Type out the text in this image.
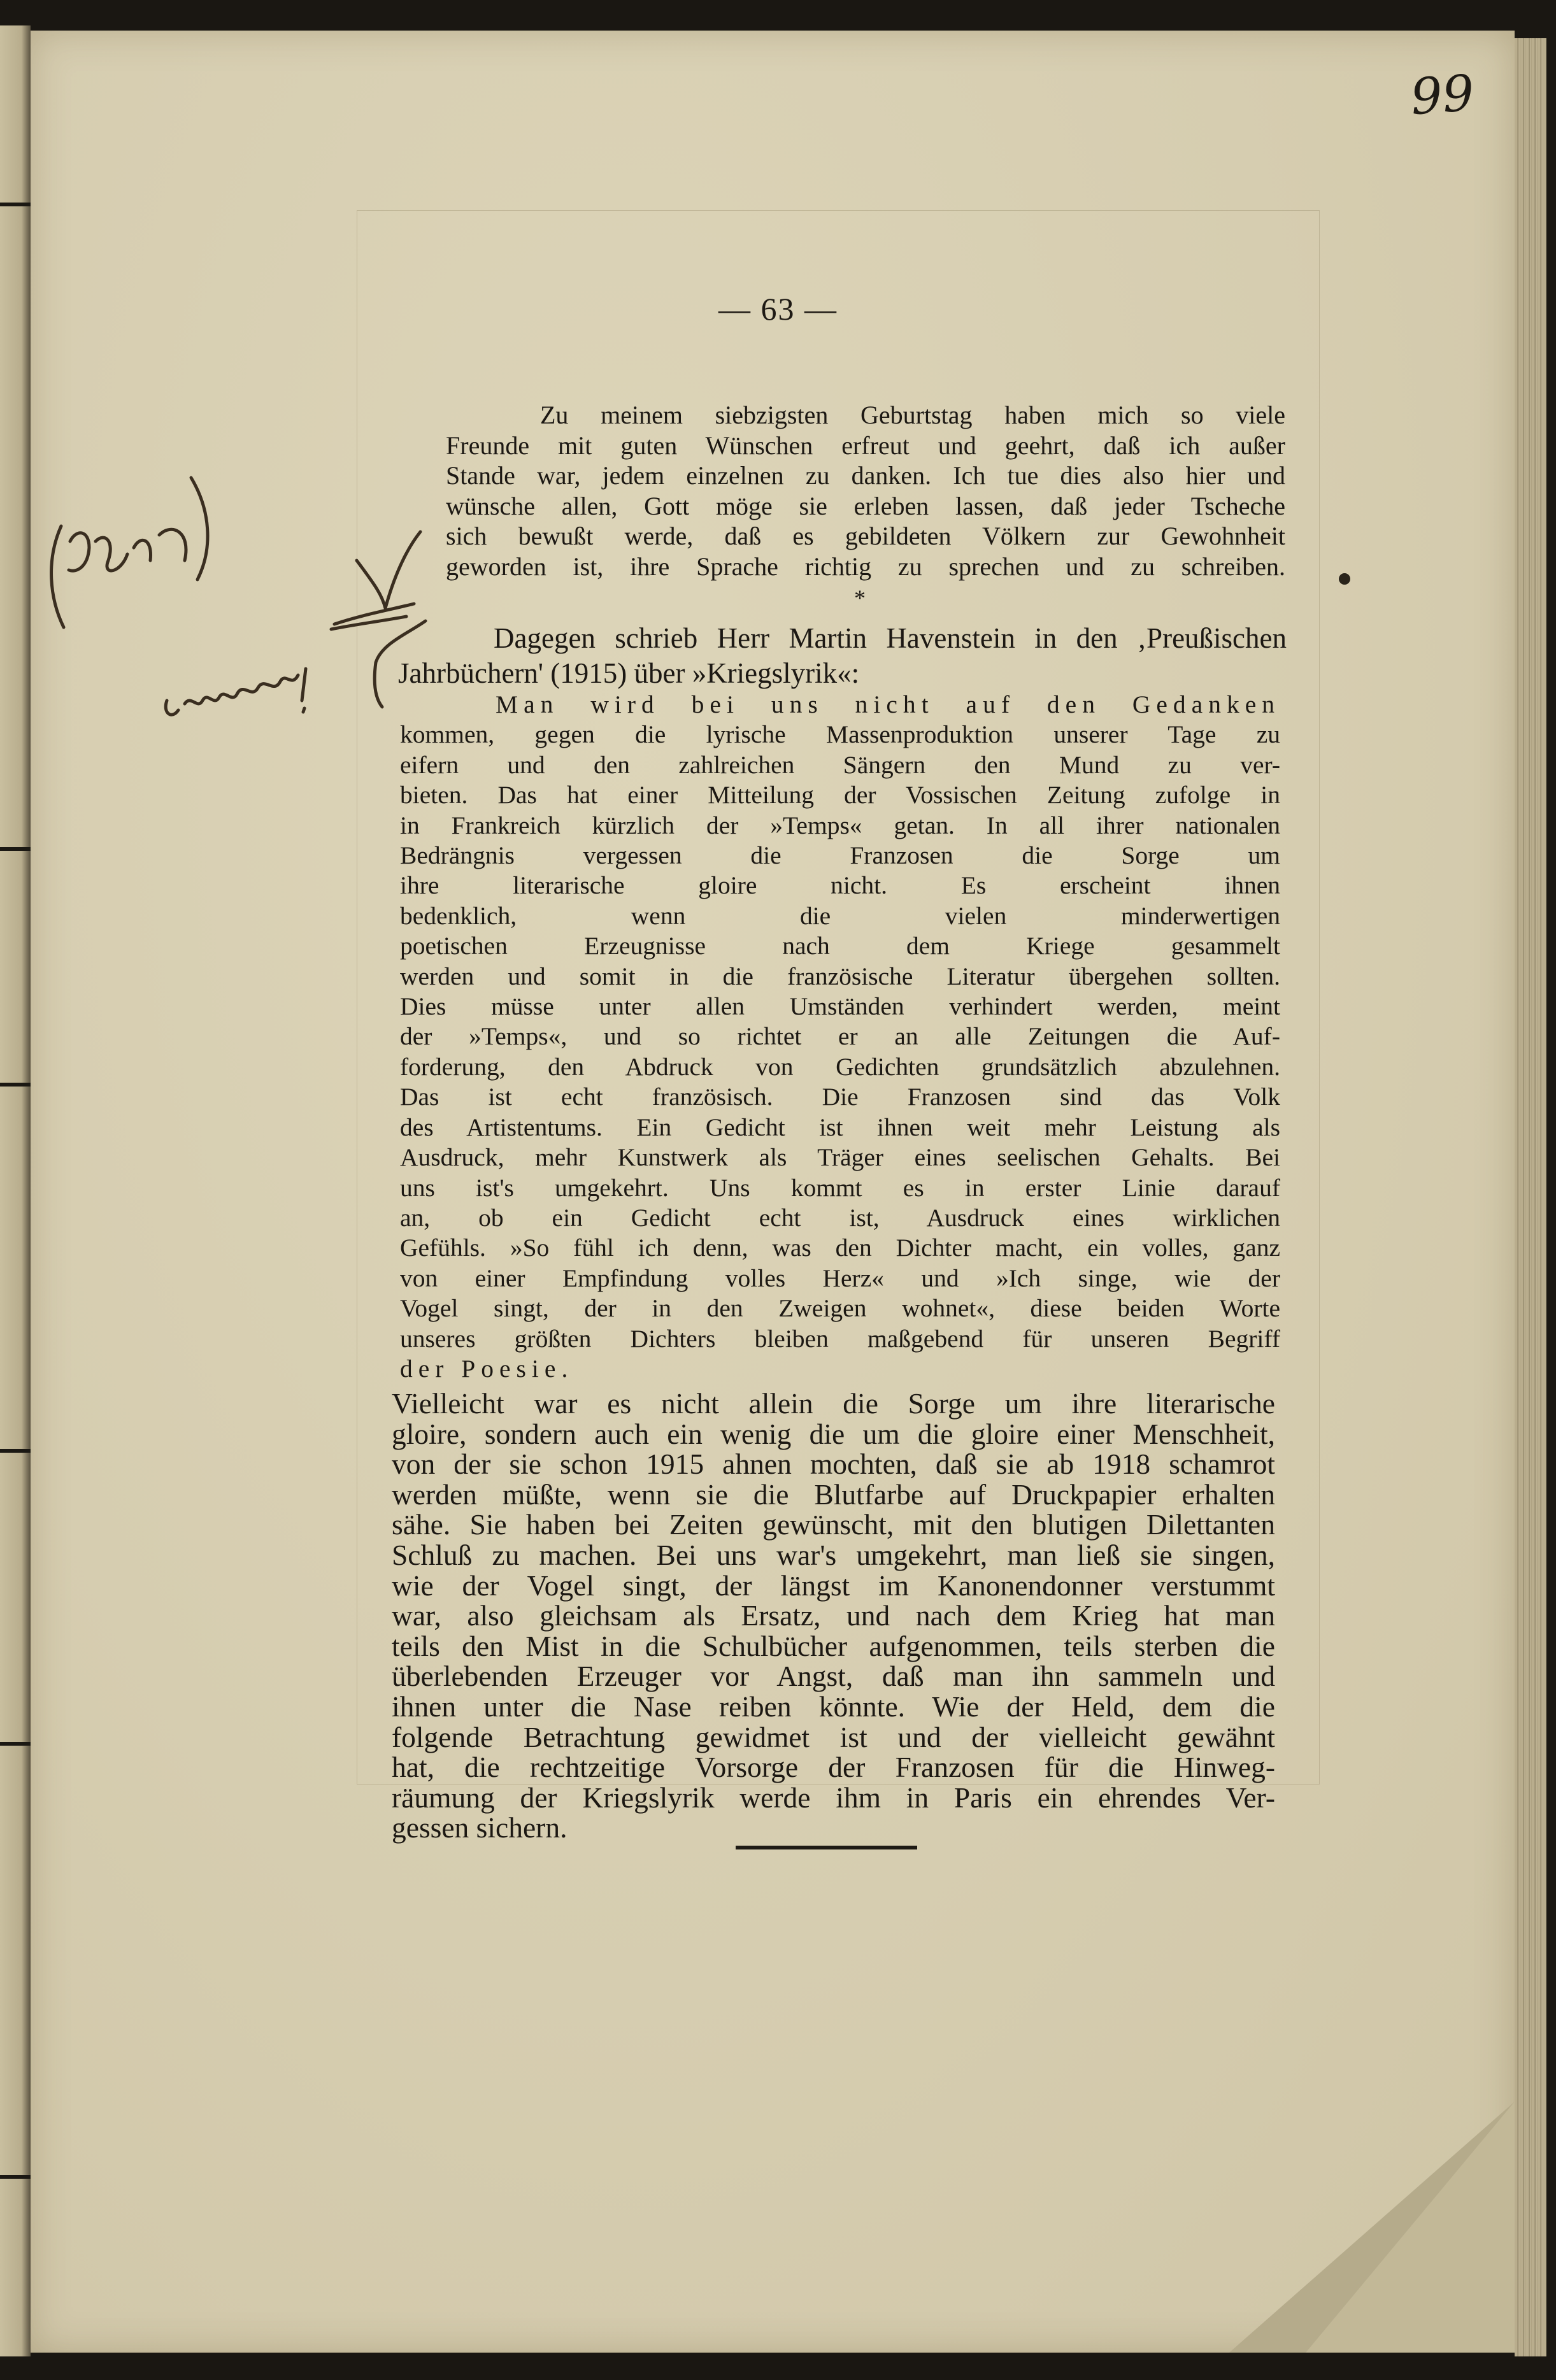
99
— 63 —
Zu meinem siebzigsten Geburtstag haben mich so viele
Freunde mit guten Wünschen erfreut und geehrt, daß ich außer
Stande war, jedem einzelnen zu danken. Ich tue dies also hier und
wünsche allen, Gott möge sie erleben lassen, daß jeder Tscheche
sich bewußt werde, daß es gebildeten Völkern zur Gewohnheit
geworden ist, ihre Sprache richtig zu sprechen und zu schreiben.
*
Dagegen schrieb Herr Martin Havenstein in den ‚Preußischen
Jahrbüchern' (1915) über »Kriegslyrik«:
Man wird bei uns nicht auf den Gedanken
kommen, gegen die lyrische Massenproduktion unserer Tage zu
eifern und den zahlreichen Sängern den Mund zu ver-
bieten. Das hat einer Mitteilung der Vossischen Zeitung zufolge in
in Frankreich kürzlich der »Temps« getan. In all ihrer nationalen
Bedrängnis vergessen die Franzosen die Sorge um
ihre literarische gloire nicht. Es erscheint ihnen
bedenklich, wenn die vielen minderwertigen
poetischen Erzeugnisse nach dem Kriege gesammelt
werden und somit in die französische Literatur übergehen sollten.
Dies müsse unter allen Umständen verhindert werden, meint
der »Temps«, und so richtet er an alle Zeitungen die Auf-
forderung, den Abdruck von Gedichten grundsätzlich abzulehnen.
Das ist echt französisch. Die Franzosen sind das Volk
des Artistentums. Ein Gedicht ist ihnen weit mehr Leistung als
Ausdruck, mehr Kunstwerk als Träger eines seelischen Gehalts. Bei
uns ist's umgekehrt. Uns kommt es in erster Linie darauf
an, ob ein Gedicht echt ist, Ausdruck eines wirklichen
Gefühls. »So fühl ich denn, was den Dichter macht, ein volles, ganz
von einer Empfindung volles Herz« und »Ich singe, wie der
Vogel singt, der in den Zweigen wohnet«, diese beiden Worte
unseres größten Dichters bleiben maßgebend für unseren Begriff
der Poesie.
Vielleicht war es nicht allein die Sorge um ihre literarische
gloire, sondern auch ein wenig die um die gloire einer Menschheit,
von der sie schon 1915 ahnen mochten, daß sie ab 1918 schamrot
werden müßte, wenn sie die Blutfarbe auf Druckpapier erhalten
sähe. Sie haben bei Zeiten gewünscht, mit den blutigen Dilettanten
Schluß zu machen. Bei uns war's umgekehrt, man ließ sie singen,
wie der Vogel singt, der längst im Kanonendonner verstummt
war, also gleichsam als Ersatz, und nach dem Krieg hat man
teils den Mist in die Schulbücher aufgenommen, teils sterben die
überlebenden Erzeuger vor Angst, daß man ihn sammeln und
ihnen unter die Nase reiben könnte. Wie der Held, dem die
folgende Betrachtung gewidmet ist und der vielleicht gewähnt
hat, die rechtzeitige Vorsorge der Franzosen für die Hinweg-
räumung der Kriegslyrik werde ihm in Paris ein ehrendes Ver-
gessen sichern.
